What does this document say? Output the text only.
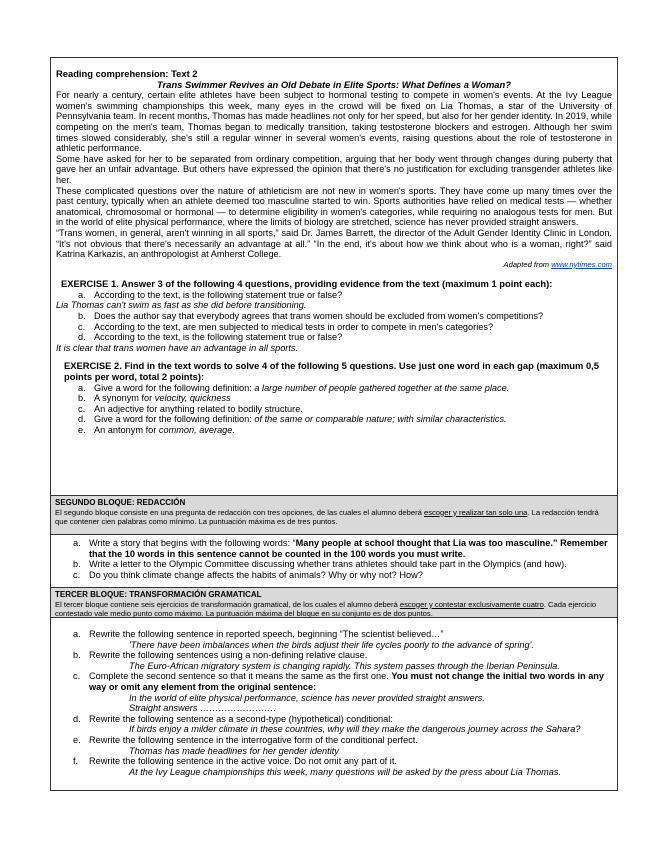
Reading comprehension: Text 2

Trans Swimmer Revives an Old Debate in Elite Sports: What Defines a Woman?

For nearly a century, certain elite athletes have been subject to hormonal testing to compete in women's events. At the Ivy League women's swimming championships this week, many eyes in the crowd will be fixed on Lia Thomas, a star of the University of Pennsylvania team. In recent months, Thomas has made headlines not only for her speed, but also for her gender identity. In 2019, while competing on the men's team, Thomas began to medically transition, taking testosterone blockers and estrogen. Although her swim times slowed considerably, she's still a regular winner in several women's events, raising questions about the role of testosterone in athletic performance.

Some have asked for her to be separated from ordinary competition, arguing that her body went through changes during puberty that gave her an unfair advantage. But others have expressed the opinion that there's no justification for excluding transgender athletes like her.

These complicated questions over the nature of athleticism are not new in women's sports. They have come up many times over the past century, typically when an athlete deemed too masculine started to win. Sports authorities have relied on medical tests — whether anatomical, chromosomal or hormonal — to determine eligibility in women's categories, while requiring no analogous tests for men. But in the world of elite physical performance, where the limits of biology are stretched, science has never provided straight answers.

“Trans women, in general, aren't winning in all sports,” said Dr. James Barrett, the director of the Adult Gender Identity Clinic in London. “It's not obvious that there's necessarily an advantage at all.” “In the end, it's about how we think about who is a woman, right?” said Katrina Karkazis, an anthropologist at Amherst College.

Adapted from www.nytimes.com

EXERCISE 1. Answer 3 of the following 4 questions, providing evidence from the text (maximum 1 point each):

a. According to the text, is the following statement true or false?

Lia Thomas can't swim as fast as she did before transitioning.

b. Does the author say that everybody agrees that trans women should be excluded from women's competitions?
c. According to the text, are men subjected to medical tests in order to compete in men's categories?
d. According to the text, is the following statement true or false?

It is clear that trans women have an advantage in all sports.

EXERCISE 2. Find in the text words to solve 4 of the following 5 questions. Use just one word in each gap (maximum 0,5 points per word, total 2 points):

a. Give a word for the following definition: a large number of people gathered together at the same place.
b. A synonym for velocity, quickness
c. An adjective for anything related to bodily structure.
d. Give a word for the following definition: of the same or comparable nature; with similar characteristics.
e. An antonym for common, average.

SEGUNDO BLOQUE: REDACCIÓN

El segundo bloque consiste en una pregunta de redacción con tres opciones, de las cuales el alumno deberá escoger y realizar tan solo una. La redacción tendrá que contener cien palabras como mínimo. La puntuación máxima es de tres puntos.

a. Write a story that begins with the following words: “Many people at school thought that Lia was too masculine.” Remember that the 10 words in this sentence cannot be counted in the 100 words you must write.
b. Write a letter to the Olympic Committee discussing whether trans athletes should take part in the Olympics (and how).
c. Do you think climate change affects the habits of animals? Why or why not? How?

TERCER BLOQUE: TRANSFORMACIÓN GRAMATICAL

El tercer bloque contiene seis ejercicios de transformación gramatical, de los cuales el alumno deberá escoger y contestar exclusivamente cuatro. Cada ejercicio contestado vale medio punto como máximo. La puntuación máxima del bloque en su conjunto es de dos puntos.

a. Rewrite the following sentence in reported speech, beginning “The scientist believed…”

'There have been imbalances when the birds adjust their life cycles poorly to the advance of spring'.

b. Rewrite the following sentences using a non-defining relative clause.

The Euro-African migratory system is changing rapidly. This system passes through the Iberian Peninsula.

c. Complete the second sentence so that it means the same as the first one. You must not change the initial two words in any way or omit any element from the original sentence:

In the world of elite physical performance, science has never provided straight answers.

Straight answers …………………….

d. Rewrite the following sentence as a second-type (hypothetical) conditional:

If birds enjoy a milder climate in these countries, why will they make the dangerous journey across the Sahara?

e. Rewrite the following sentence in the interrogative form of the conditional perfect.

Thomas has made headlines for her gender identity

f.	Rewrite the following sentence in the active voice. Do not omit any part of it.

At the Ivy League championships this week, many questions will be asked by the press about Lia Thomas.
